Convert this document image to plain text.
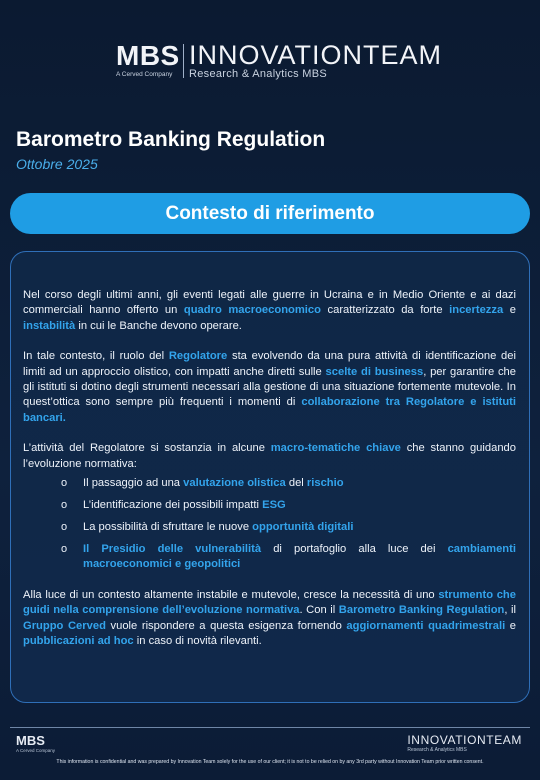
MBS
A Cerved Company
INNOVATIONTEAM
Research & Analytics MBS
Barometro Banking Regulation
Ottobre 2025
Contesto di riferimento

Nel corso degli ultimi anni, gli eventi legati alle guerre in Ucraina e in Medio Oriente e ai dazi commerciali hanno offerto un quadro macroeconomico caratterizzato da forte incertezza e instabilità in cui le Banche devono operare.

In tale contesto, il ruolo del Regolatore sta evolvendo da una pura attività di identificazione dei limiti ad un approccio olistico, con impatti anche diretti sulle scelte di business, per garantire che gli istituti si dotino degli strumenti necessari alla gestione di una situazione fortemente mutevole. In quest’ottica sono sempre più frequenti i momenti di collaborazione tra Regolatore e istituti bancari.

L’attività del Regolatore si sostanzia in alcune macro-tematiche chiave che stanno guidando l’evoluzione normativa:

o Il passaggio ad una valutazione olistica del rischio
o L’identificazione dei possibili impatti ESG
o La possibilità di sfruttare le nuove opportunità digitali
o Il Presidio delle vulnerabilità di portafoglio alla luce dei cambiamenti macroeconomici e geopolitici

Alla luce di un contesto altamente instabile e mutevole, cresce la necessità di uno strumento che guidi nella comprensione dell’evoluzione normativa. Con il Barometro Banking Regulation, il Gruppo Cerved vuole rispondere a questa esigenza fornendo aggiornamenti quadrimestrali e pubblicazioni ad hoc in caso di novità rilevanti.

MBS
A Cerved Company
INNOVATIONTEAM
Research & Analytics MBS
This information is confidential and was prepared by Innovation Team solely for the use of our client; it is not to be relied on by any 3rd party without Innovation Team prior written consent.
